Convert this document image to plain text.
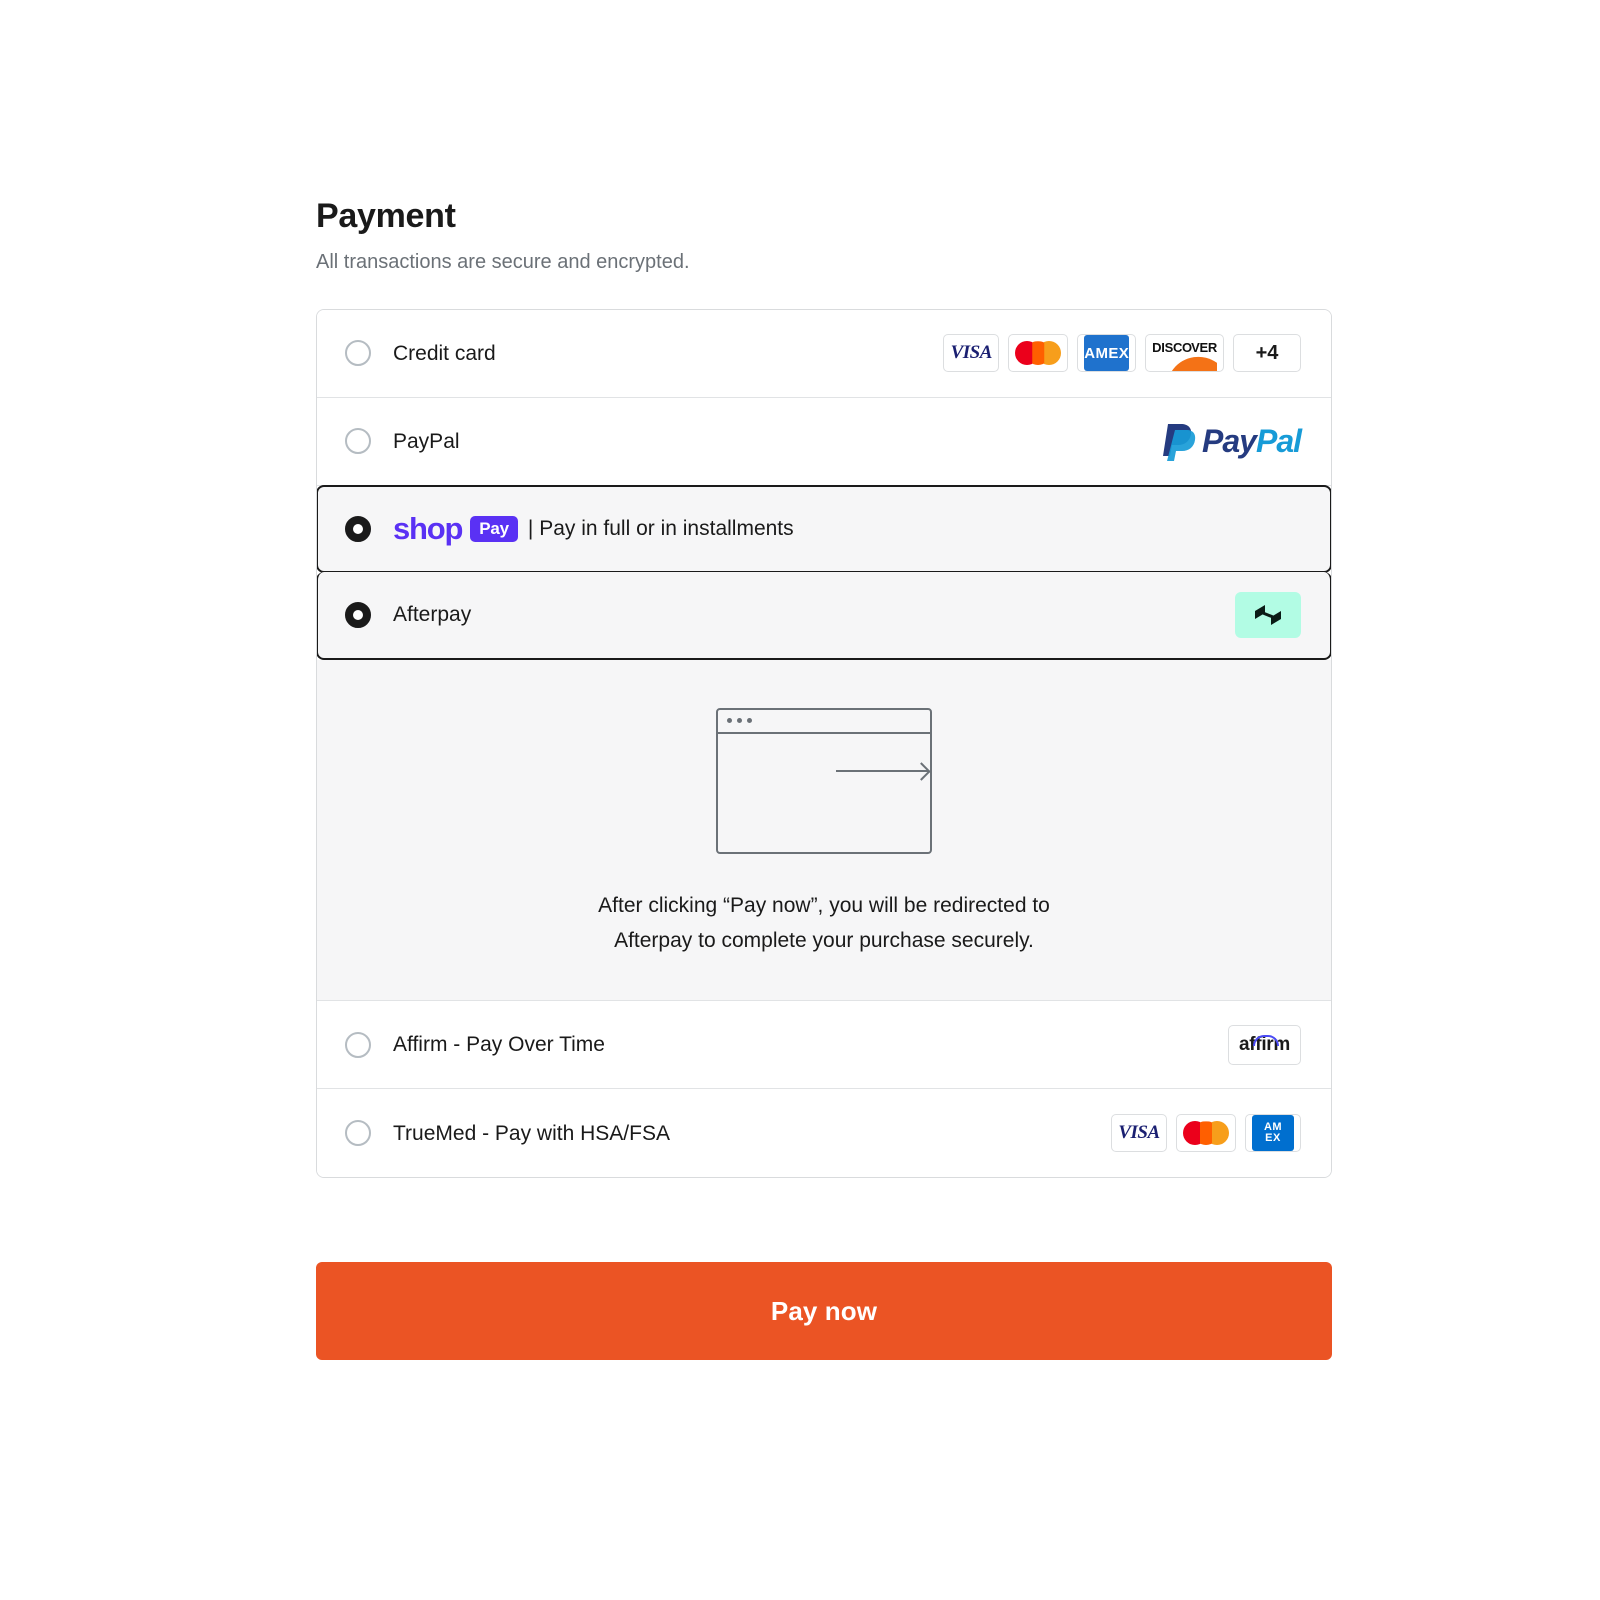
Payment

All transactions are secure and encrypted.

Credit card	VISA	AMEX DISCOVER	+4
PayPal	PayPal
shop	Pay | Pay in full or in installments
Afterpay
After clicking “Pay now”, you will be redirected to
Afterpay to complete your purchase securely.
Affirm - Pay Over Time	affirm
TrueMed - Pay with HSA/FSA	VISA	AM
EX
Pay now
